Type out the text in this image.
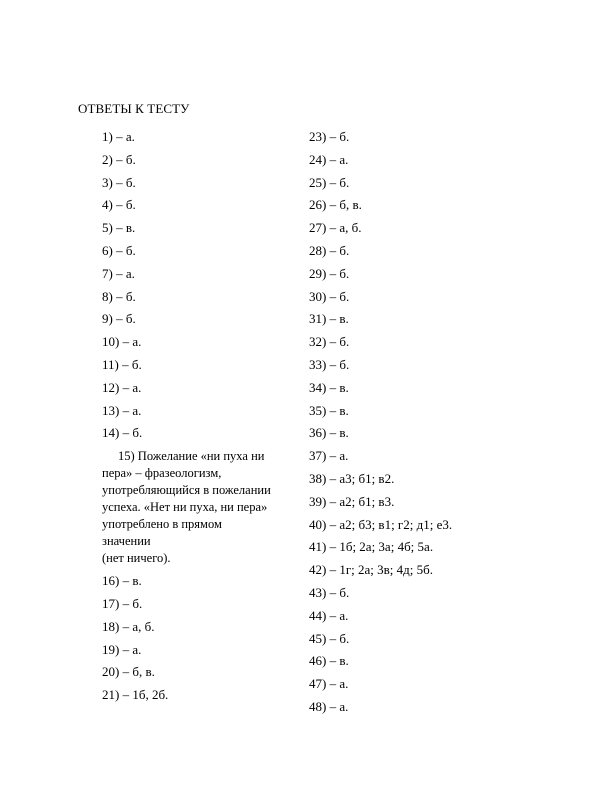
ОТВЕТЫ К ТЕСТУ
1) – а.
2) – б.
3) – б.
4) – б.
5) – в.
6) – б.
7) – а.
8) – б.
9) – б.
10) – а.
11) – б.
12) – а.
13) – а.
14) – б.
15) Пожелание «ни пуха ни
пера» – фразеологизм,
употребляющийся в пожелании
успеха. «Нет ни пуха, ни пера»
употреблено в прямом
значении
(нет ничего).
16) – в.
17) – б.
18) – а, б.
19) – а.
20) – б, в.
21) – 1б, 2б.
23) – б.
24) – а.
25) – б.
26) – б, в.
27) – а, б.
28) – б.
29) – б.
30) – б.
31) – в.
32) – б.
33) – б.
34) – в.
35) – в.
36) – в.
37) – а.
38) – а3; б1; в2.
39) – а2; б1; в3.
40) – а2; б3; в1; г2; д1; е3.
41) – 1б; 2а; 3а; 4б; 5а.
42) – 1г; 2а; 3в; 4д; 5б.
43) – б.
44) – а.
45) – б.
46) – в.
47) – а.
48) – а.
